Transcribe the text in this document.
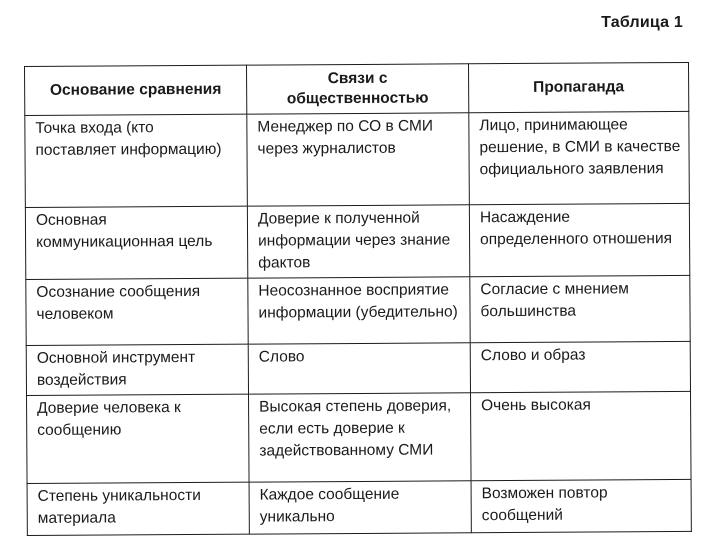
Таблица 1
Основание сравнения	Связи с общественностью	Пропаганда
Точка входа (кто поставляет информацию)	Менеджер по СО в СМИ через журналистов	Лицо, принимающее решение, в СМИ в качестве официального заявления
Основная коммуникационная цель	Доверие к полученной информации через знание фактов	Насаждение определенного отношения
Осознание сообщения человеком	Неосознанное восприятие информации (убедительно)	Согласие с мнением большинства
Основной инструмент воздействия	Слово	Слово и образ
Доверие человека к сообщению	Высокая степень доверия, если есть доверие к задействованному СМИ	Очень высокая
Степень уникальности материала	Каждое сообщение уникально	Возможен повтор сообщений
